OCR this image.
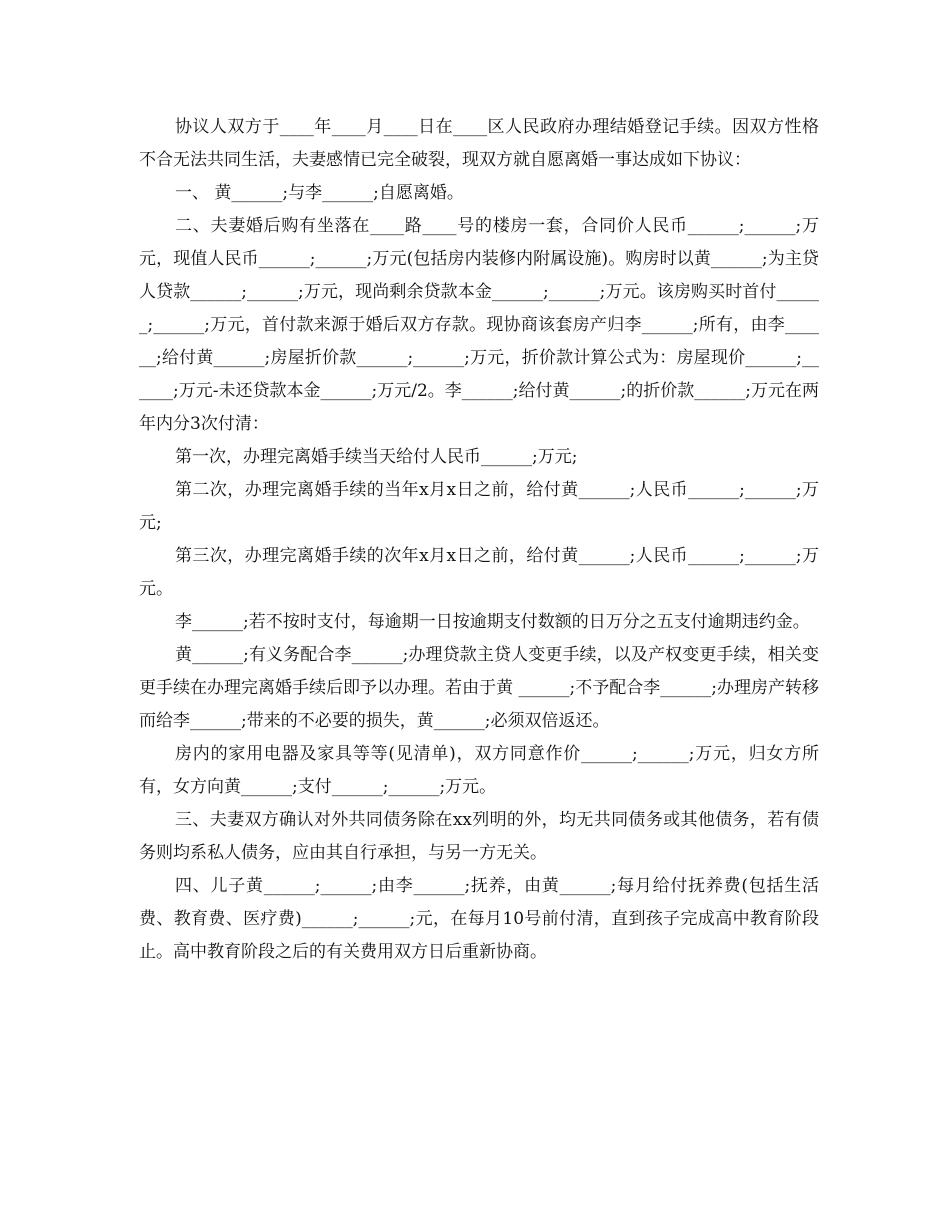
协议人双方于____年____月____日在____区人民政府办理结婚登记手续。因双方性格不合无法共同生活，夫妻感情已完全破裂，现双方就自愿离婚一事达成如下协议：

一、 黄______;与李______;自愿离婚。

二、夫妻婚后购有坐落在____路____号的楼房一套，合同价人民币______;______;万元，现值人民币______;______;万元(包括房内装修内附属设施)。购房时以黄______;为主贷人贷款______;______;万元，现尚剩余贷款本金______;______;万元。该房购买时首付______;______;万元，首付款来源于婚后双方存款。现协商该套房产归李______;所有，由李______;给付黄______;房屋折价款______;______;万元，折价款计算公式为：房屋现价______;______;万元-未还贷款本金______;万元/2。李______;给付黄______;的折价款______;万元在两年内分3次付清：

第一次，办理完离婚手续当天给付人民币______;万元;

第二次，办理完离婚手续的当年x月x日之前，给付黄______;人民币______;______;万元;

第三次，办理完离婚手续的次年x月x日之前，给付黄______;人民币______;______;万元。

李______;若不按时支付，每逾期一日按逾期支付数额的日万分之五支付逾期违约金。

黄______;有义务配合李______;办理贷款主贷人变更手续，以及产权变更手续，相关变更手续在办理完离婚手续后即予以办理。若由于黄 ______;不予配合李______;办理房产转移而给李______;带来的不必要的损失，黄______;必须双倍返还。

房内的家用电器及家具等等(见清单)，双方同意作价______;______;万元，归女方所有，女方向黄______;支付______;______;万元。

三、夫妻双方确认对外共同债务除在xx列明的外，均无共同债务或其他债务，若有债务则均系私人债务，应由其自行承担，与另一方无关。

四、儿子黄______;______;由李______;抚养，由黄______;每月给付抚养费(包括生活费、教育费、医疗费)______;______;元，在每月10号前付清，直到孩子完成高中教育阶段止。高中教育阶段之后的有关费用双方日后重新协商。
